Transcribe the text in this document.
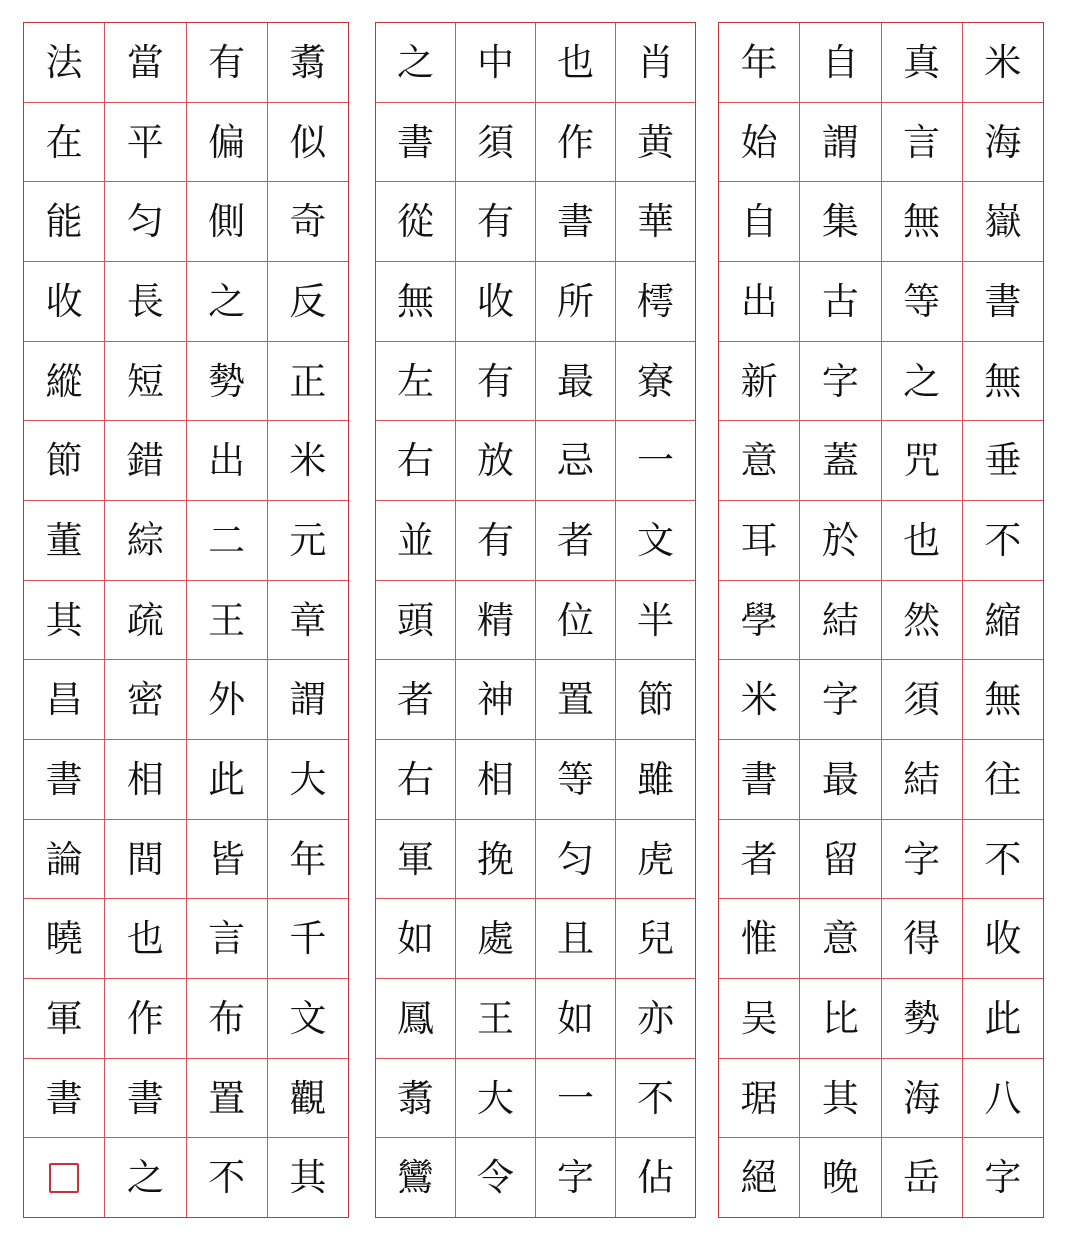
年
始
自
出
新
意
耳
學
米
書
者
惟
吴
琚
絕
自
謂
集
古
字
蓋
於
結
字
最
留
意
比
其
晚
真
言
無
等
之
咒
也
然
須
結
字
得
勢
海
岳
米
海
嶽
書
無
垂
不
縮
無
往
不
收
此
八
字
之
書
從
無
左
右
並
頭
者
右
軍
如
鳳
翥
鸞
中
須
有
收
有
放
有
精
神
相
挽
處
王
大
令
也
作
書
所
最
忌
者
位
置
等
匀
且
如
一
字
肖
黄
華
樗
寮
一
文
半
節
雖
虎
兒
亦
不
佔
法
在
能
收
縱
節
董
其
昌
書
論
曉
軍
書
當
平
匀
長
短
錯
綜
疏
密
相
間
也
作
書
之
有
偏
側
之
勢
出
二
王
外
此
皆
言
布
置
不
翥
似
奇
反
正
米
元
章
謂
大
年
千
文
觀
其
